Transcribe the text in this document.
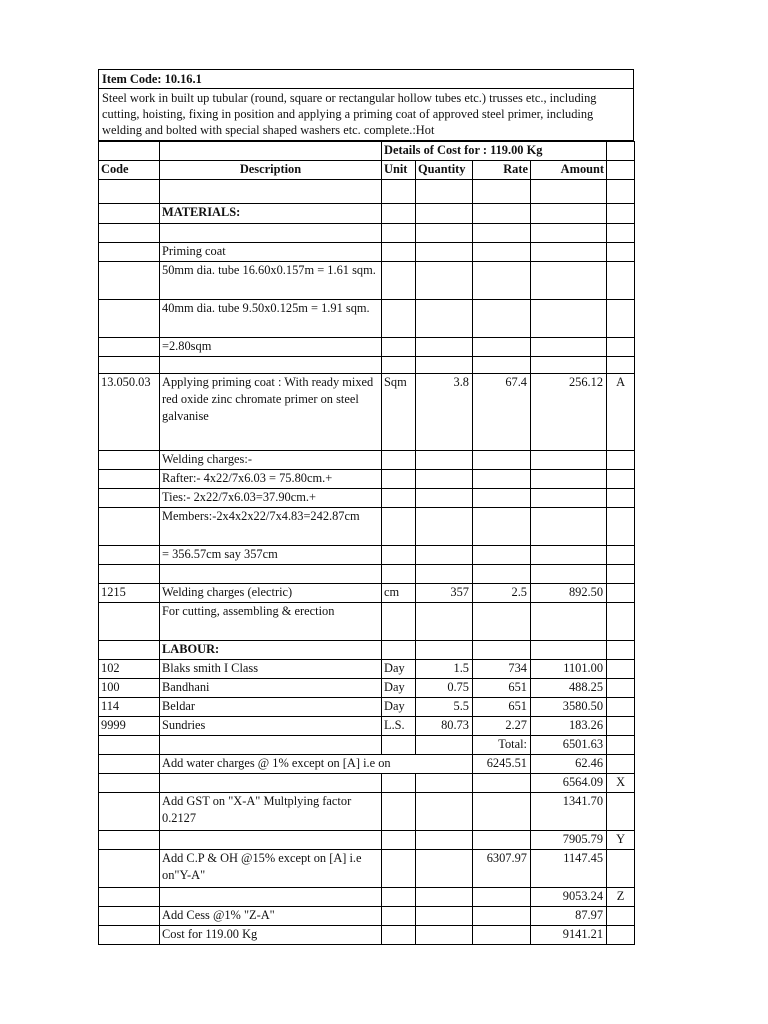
Item Code: 10.16.1
Steel work in built up tubular (round, square or rectangular hollow tubes etc.) trusses etc., including cutting, hoisting, fixing in position and applying a priming coat of approved steel primer, including welding and bolted with special shaped washers etc. complete.:Hot
		Details of Cost for : 119.00 Kg				
Code	Description	Unit	Quantity	Rate	Amount	

	MATERIALS:					

	Priming coat					
	50mm dia. tube 16.60x0.157m = 1.61 sqm.					
	40mm dia. tube 9.50x0.125m = 1.91 sqm.					
	=2.80sqm					

13.050.03	Applying priming coat : With ready mixed red oxide zinc chromate primer on steel galvanise	Sqm	3.8	67.4	256.12	A
	Welding charges:-					
	Rafter:- 4x22/7x6.03 = 75.80cm.+					
	Ties:- 2x22/7x6.03=37.90cm.+					
	Members:-2x4x2x22/7x4.83=242.87cm					
	= 356.57cm say 357cm					

1215	Welding charges (electric)	cm	357	2.5	892.50	
	For cutting, assembling & erection					
	LABOUR:					
102	Blaks smith I Class	Day	1.5	734	1101.00	
100	Bandhani	Day	0.75	651	488.25	
114	Beldar	Day	5.5	651	3580.50	
9999	Sundries	L.S.	80.73	2.27	183.26	
				Total:	6501.63	
	Add water charges @ 1% except on [A] i.e on			6245.51	62.46	
					6564.09	X
	Add GST on "X-A" Multplying factor 0.2127				1341.70	
					7905.79	Y
	Add C.P & OH @15% except on [A] i.e on"Y-A"			6307.97	1147.45	
					9053.24	Z
	Add Cess @1% "Z-A"				87.97	
	Cost for 119.00 Kg				9141.21	
